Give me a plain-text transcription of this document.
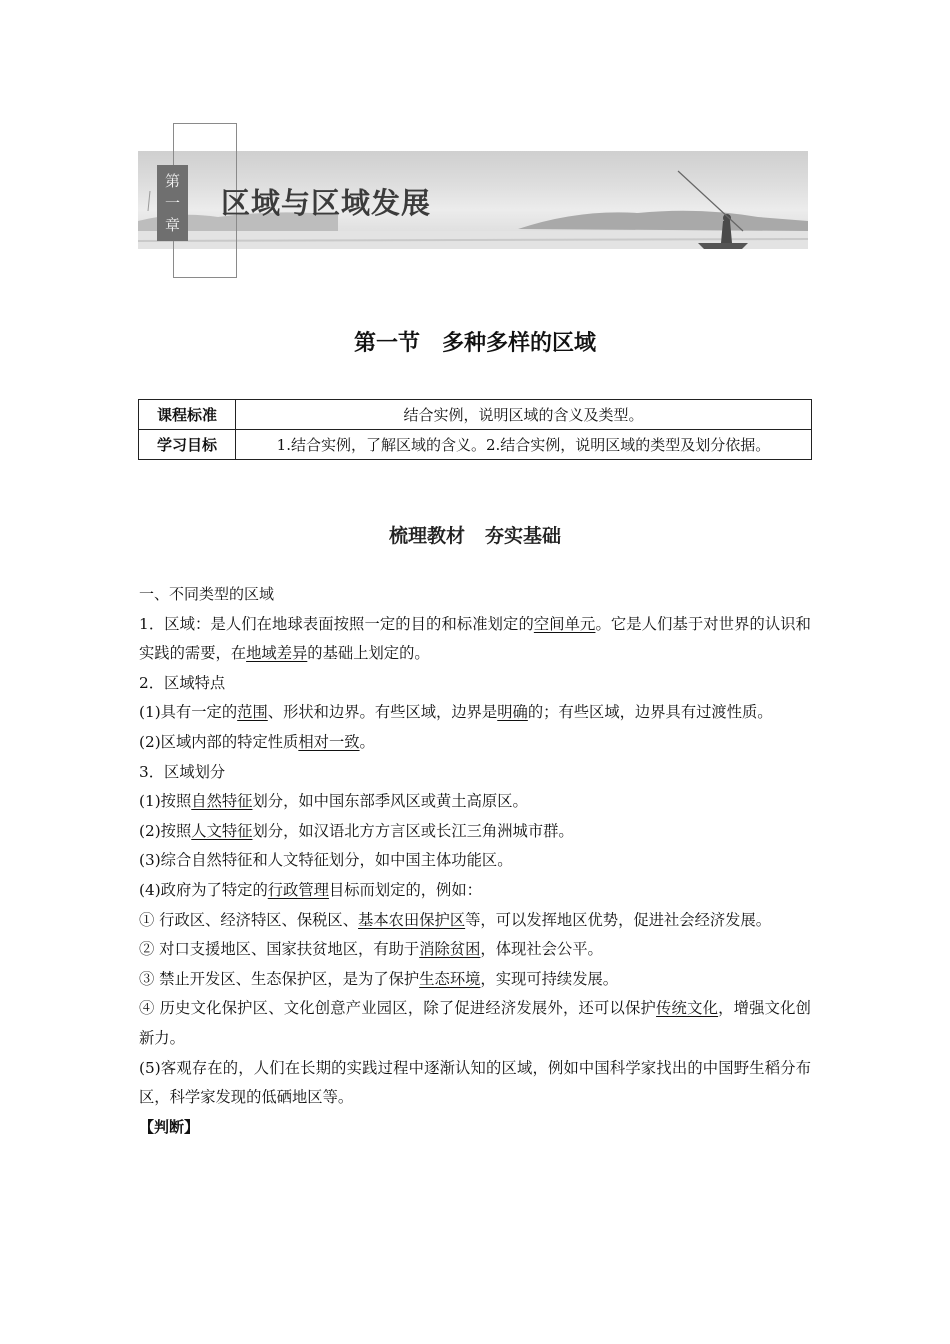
第
一
章
区域与区域发展
第一节 多种多样的区域
课程标准	结合实例，说明区域的含义及类型。
学习目标	1.结合实例，了解区域的含义。2.结合实例，说明区域的类型及划分依据。
梳理教材 夯实基础

一、不同类型的区域

1．区域：是人们在地球表面按照一定的目的和标准划定的空间单元。它是人们基于对世界的认识和实践的需要，在地域差异的基础上划定的。

2．区域特点

(1)具有一定的范围、形状和边界。有些区域，边界是明确的；有些区域，边界具有过渡性质。

(2)区域内部的特定性质相对一致。

3．区域划分

(1)按照自然特征划分，如中国东部季风区或黄土高原区。

(2)按照人文特征划分，如汉语北方方言区或长江三角洲城市群。

(3)综合自然特征和人文特征划分，如中国主体功能区。

(4)政府为了特定的行政管理目标而划定的，例如：

① 行政区、经济特区、保税区、基本农田保护区等，可以发挥地区优势，促进社会经济发展。

② 对口支援地区、国家扶贫地区，有助于消除贫困，体现社会公平。

③ 禁止开发区、生态保护区，是为了保护生态环境，实现可持续发展。

④ 历史文化保护区、文化创意产业园区，除了促进经济发展外，还可以保护传统文化，增强文化创新力。

(5)客观存在的，人们在长期的实践过程中逐渐认知的区域，例如中国科学家找出的中国野生稻分布区，科学家发现的低硒地区等。

【判断】
